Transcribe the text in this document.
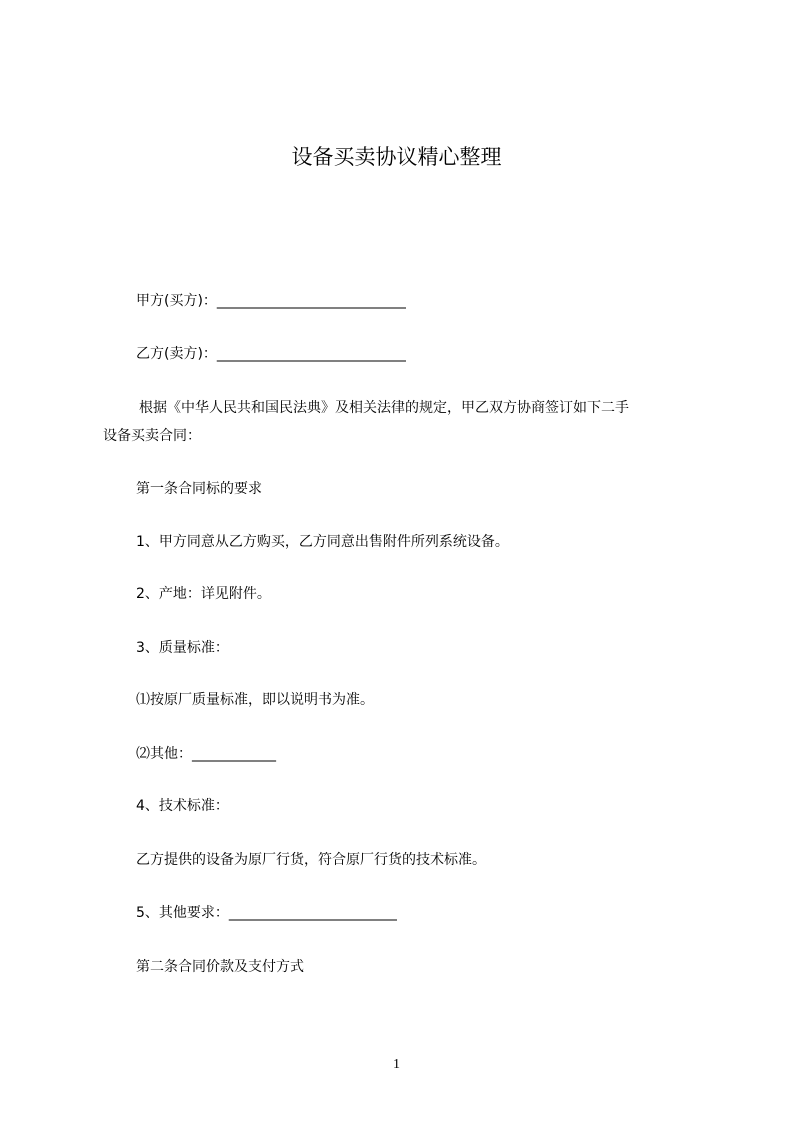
设备买卖协议精心整理
甲方(买方)：___________________________
乙方(卖方)：___________________________
根据《中华人民共和国民法典》及相关法律的规定，甲乙双方协商签订如下二手
设备买卖合同：
第一条合同标的要求
1、甲方同意从乙方购买，乙方同意出售附件所列系统设备。
2、产地：详见附件。
3、质量标准：
⑴按原厂质量标准，即以说明书为准。
⑵其他：____________
4、技术标准：
乙方提供的设备为原厂行货，符合原厂行货的技术标准。
5、其他要求：________________________
第二条合同价款及支付方式
1
